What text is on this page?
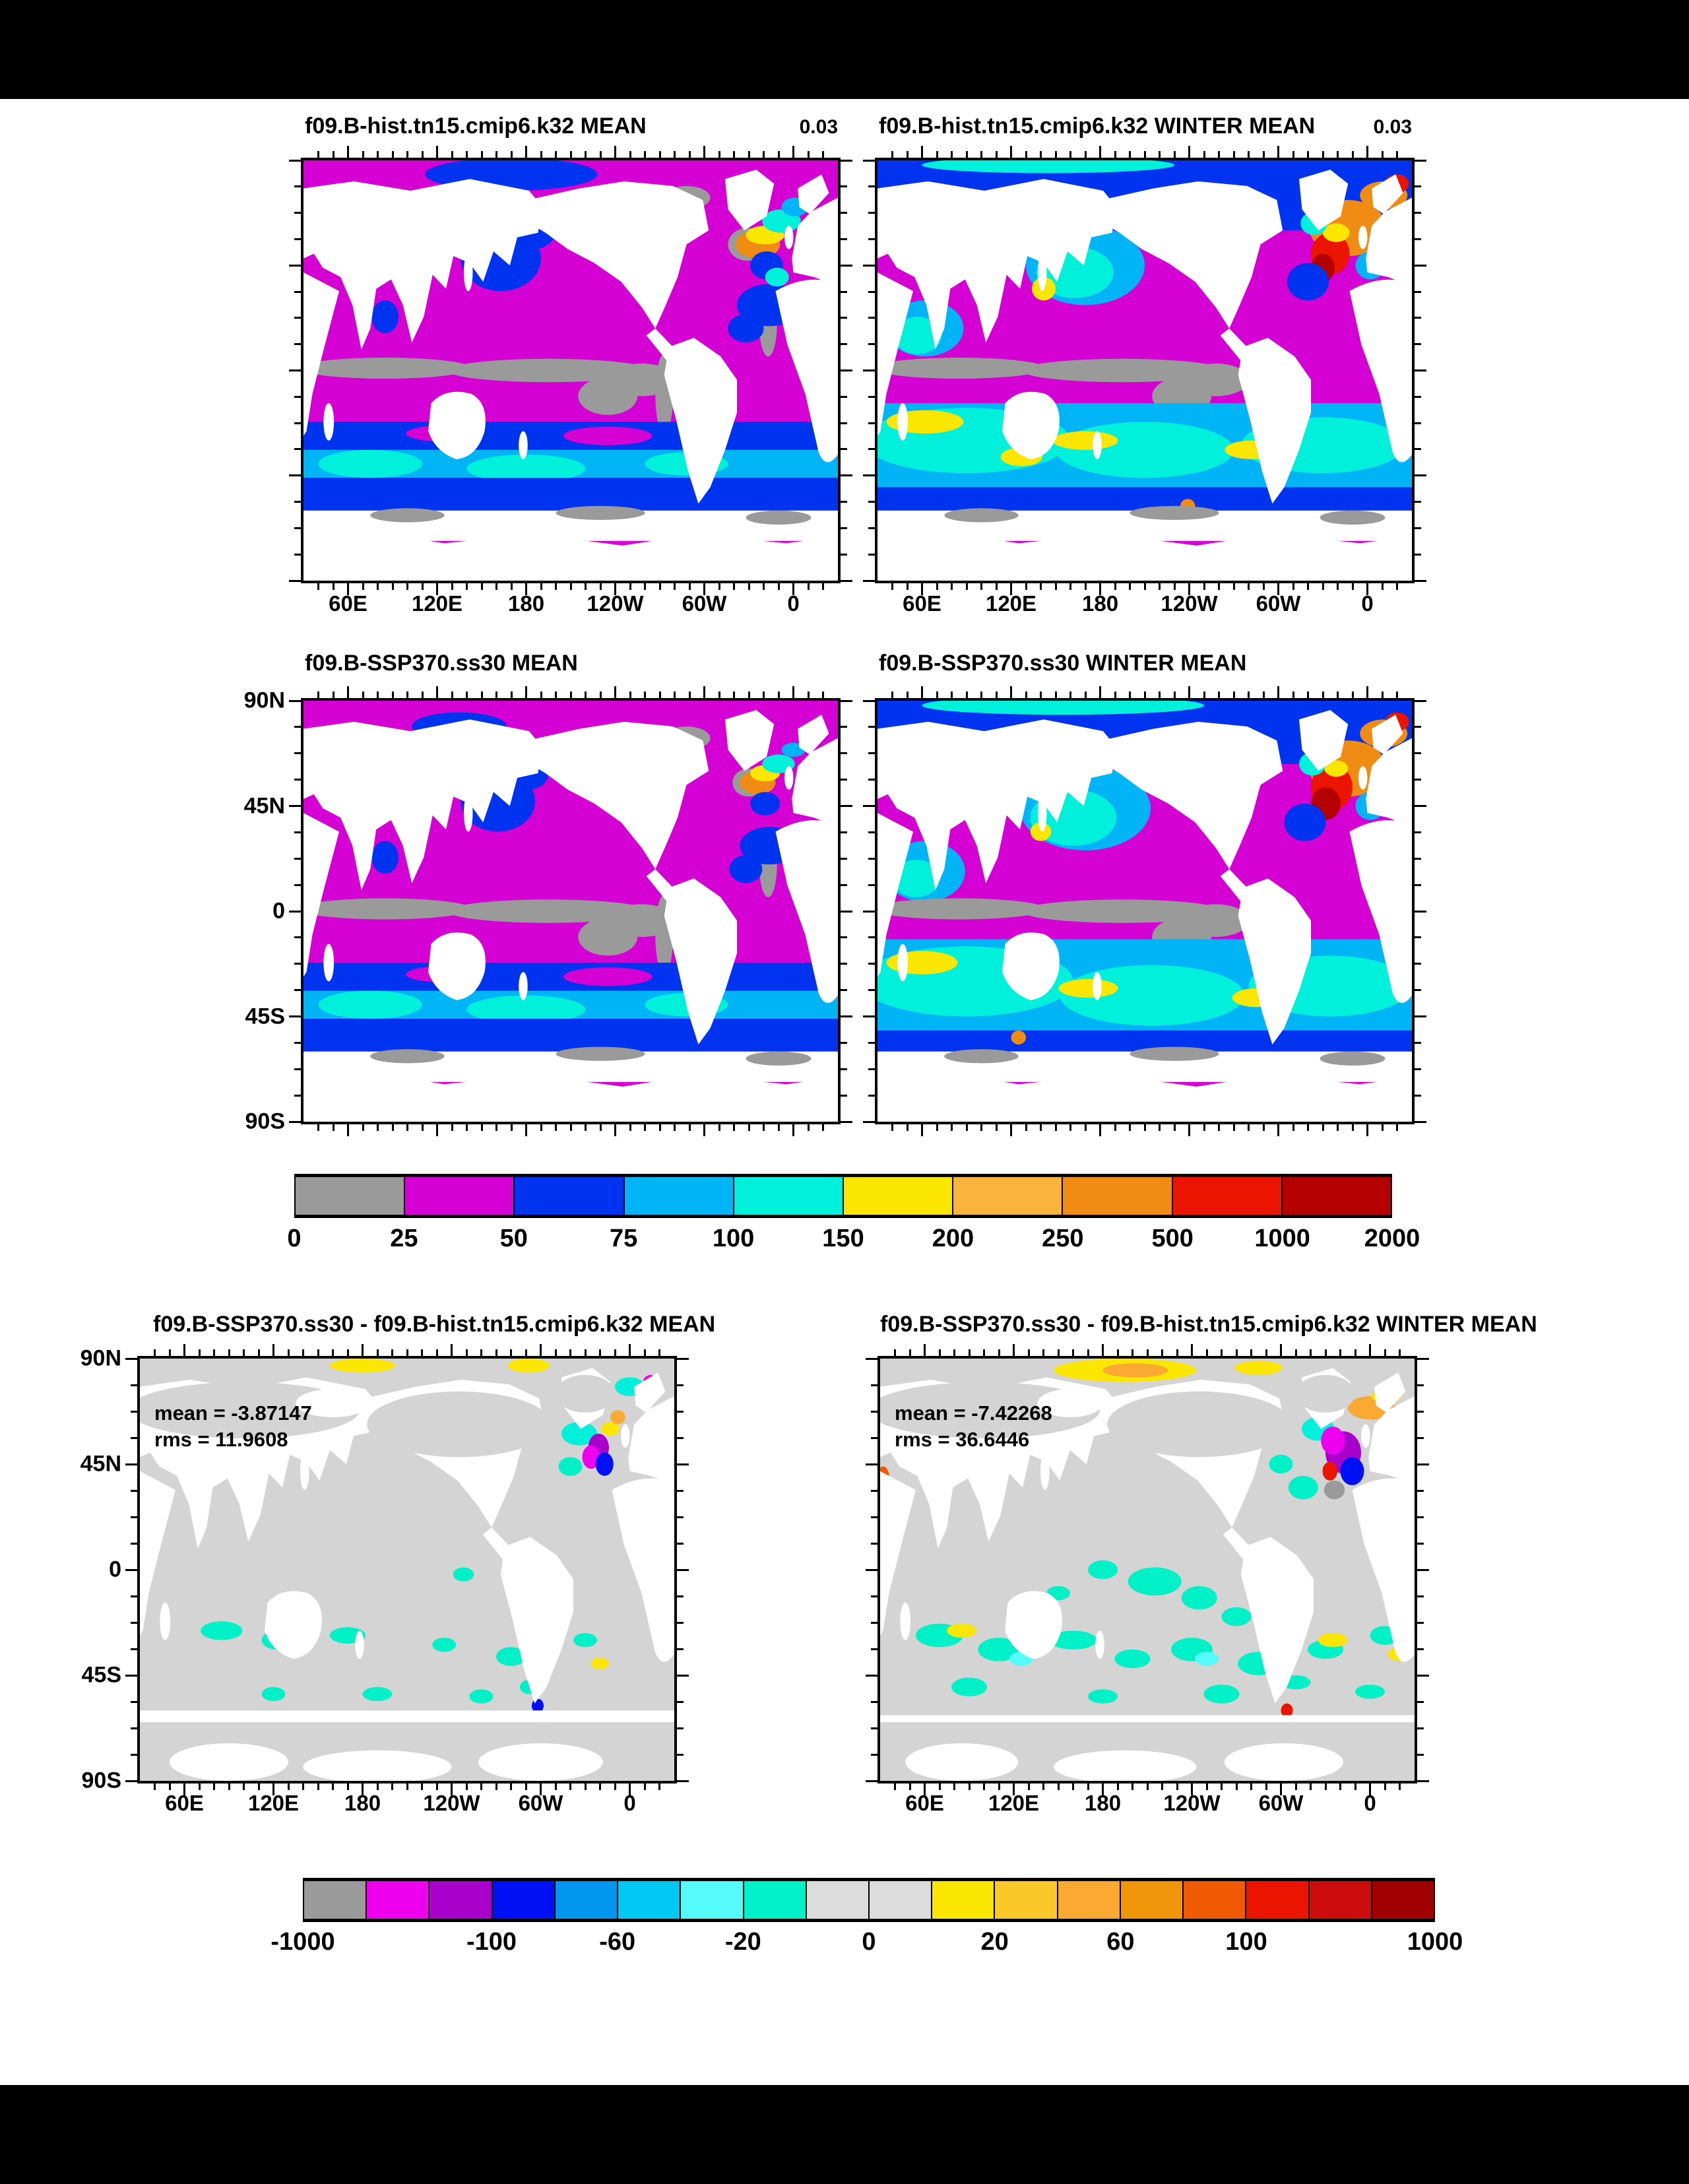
f09.B-hist.tn15.cmip6.k32 MEAN	0.03 f09.B-hist.tn15.cmip6.k32 WINTER MEAN	0.03
f09.B-SSP370.ss30 MEAN	f09.B-SSP370.ss30 WINTER MEAN
f09.B-SSP370.ss30 - f09.B-hist.tn15.cmip6.k32 MEAN	f09.B-SSP370.ss30 - f09.B-hist.tn15.cmip6.k32 WINTER MEAN
mean = -3.87147
rms = 11.9608
mean = -7.42268
rms = 36.6446
60E 120E 180 120W 60W	0	60E 120E 180 120W 60W	0
60E 120E 180 120W 60W	0	60E 120E 180 120W 60W	0
90N
45N
0
45S
90S
90N
45N
0
45S
90S
0	25	50	75	100	150	200	250	500 1000 2000
-1000	-100	-60	-20	0	20	60	100	1000
